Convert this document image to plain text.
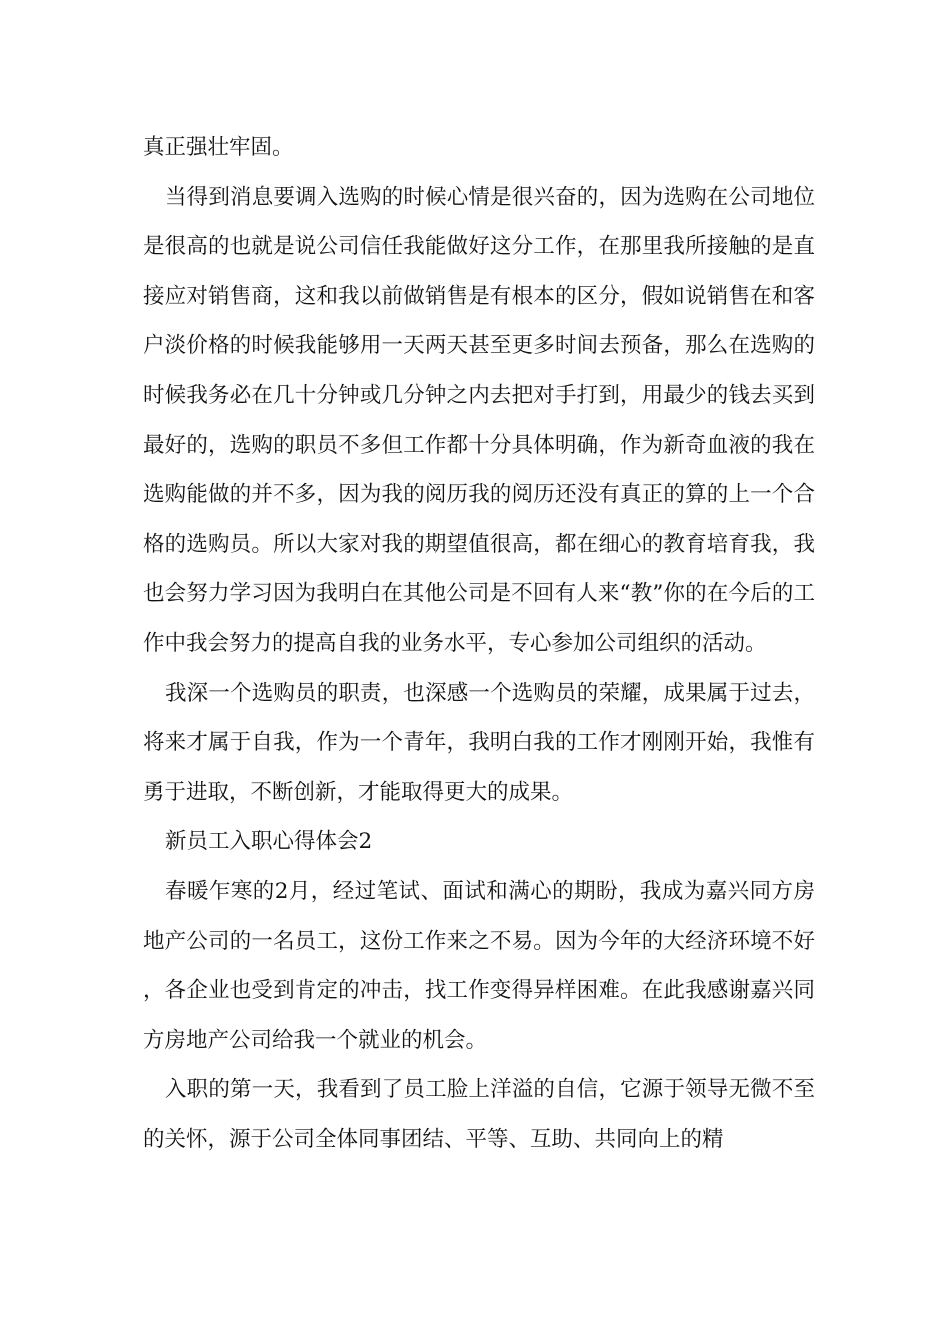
真正强壮牢固。

当得到消息要调入选购的时候心情是很兴奋的，因为选购在公司地位是很高的也就是说公司信任我能做好这分工作，在那里我所接触的是直接应对销售商，这和我以前做销售是有根本的区分，假如说销售在和客户淡价格的时候我能够用一天两天甚至更多时间去预备，那么在选购的时候我务必在几十分钟或几分钟之内去把对手打到，用最少的钱去买到最好的，选购的职员不多但工作都十分具体明确，作为新奇血液的我在选购能做的并不多，因为我的阅历我的阅历还没有真正的算的上一个合格的选购员。所以大家对我的期望值很高，都在细心的教育培育我，我也会努力学习因为我明白在其他公司是不回有人来“教”你的在今后的工作中我会努力的提高自我的业务水平，专心参加公司组织的活动。

我深一个选购员的职责，也深感一个选购员的荣耀，成果属于过去，将来才属于自我，作为一个青年，我明白我的工作才刚刚开始，我惟有勇于进取，不断创新，才能取得更大的成果。

新员工入职心得体会2

春暖乍寒的2月，经过笔试、面试和满心的期盼，我成为嘉兴同方房地产公司的一名员工，这份工作来之不易。因为今年的大经济环境不好，各企业也受到肯定的冲击，找工作变得异样困难。在此我感谢嘉兴同方房地产公司给我一个就业的机会。

入职的第一天，我看到了员工脸上洋溢的自信，它源于领导无微不至的关怀，源于公司全体同事团结、平等、互助、共同向上的精
